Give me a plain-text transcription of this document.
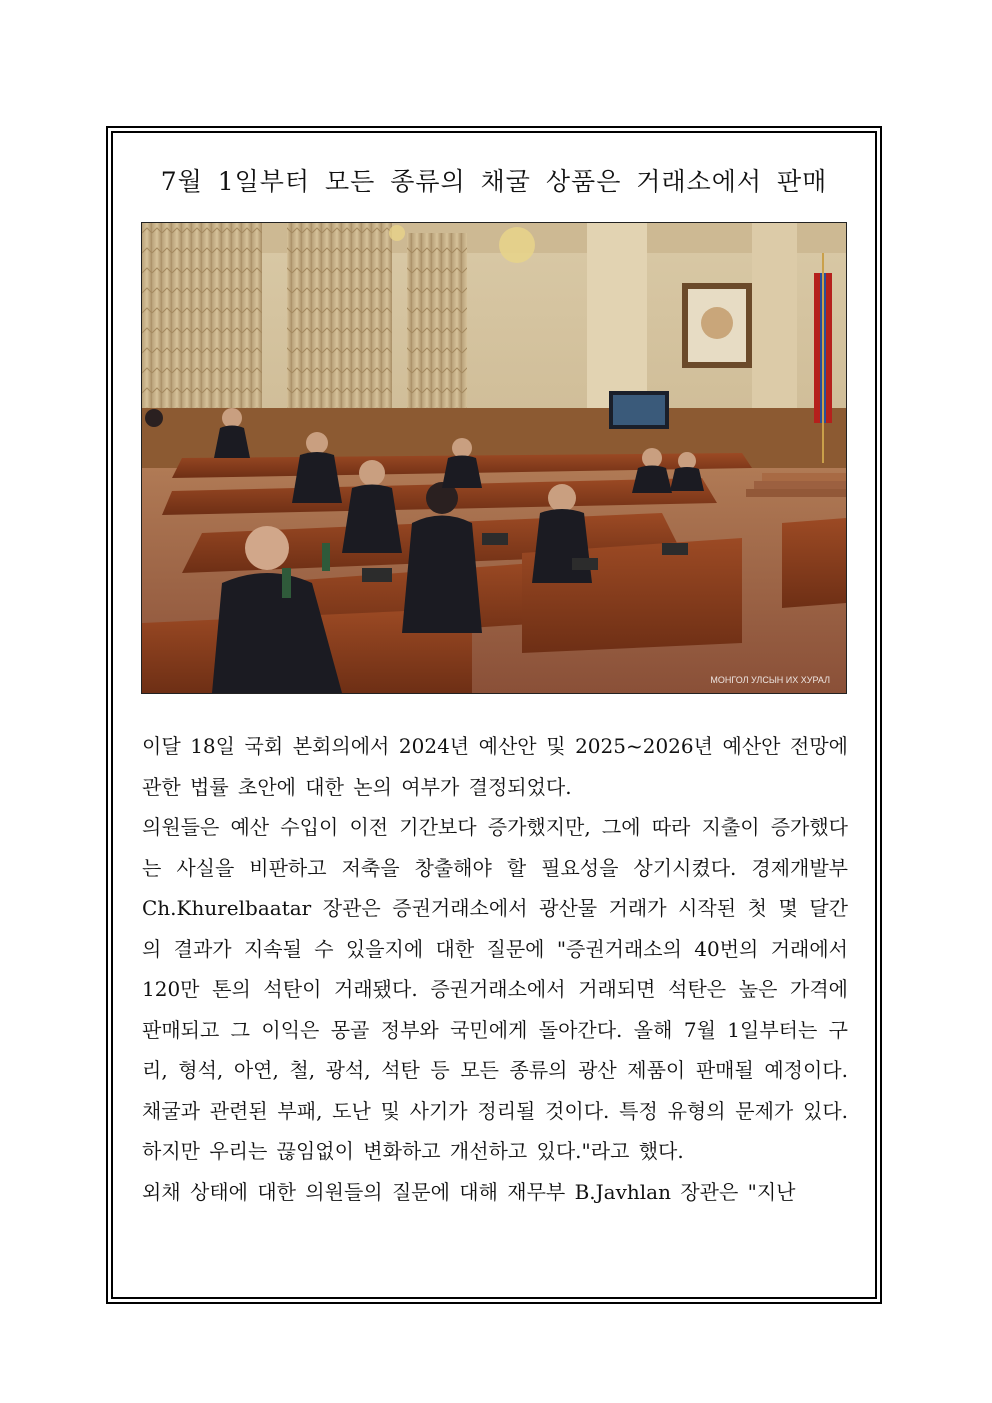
7월 1일부터 모든 종류의 채굴 상품은 거래소에서 판매
МОНГОЛ УЛСЫН ИХ ХУРАЛ

이달 18일 국회 본회의에서 2024년 예산안 및 2025~2026년 예산안 전망에 관한 법률 초안에 대한 논의 여부가 결정되었다.

의원들은 예산 수입이 이전 기간보다 증가했지만, 그에 따라 지출이 증가했다는 사실을 비판하고 저축을 창출해야 할 필요성을 상기시켰다. 경제개발부 Ch.Khurelbaatar 장관은 증권거래소에서 광산물 거래가 시작된 첫 몇 달간의 결과가 지속될 수 있을지에 대한 질문에 "증권거래소의 40번의 거래에서 120만 톤의 석탄이 거래됐다. 증권거래소에서 거래되면 석탄은 높은 가격에 판매되고 그 이익은 몽골 정부와 국민에게 돌아간다. 올해 7월 1일부터는 구리, 형석, 아연, 철, 광석, 석탄 등 모든 종류의 광산 제품이 판매될 예정이다. 채굴과 관련된 부패, 도난 및 사기가 정리될 것이다. 특정 유형의 문제가 있다. 하지만 우리는 끊임없이 변화하고 개선하고 있다."라고 했다.

외채 상태에 대한 의원들의 질문에 대해 재무부 B.Javhlan 장관은 "지난
